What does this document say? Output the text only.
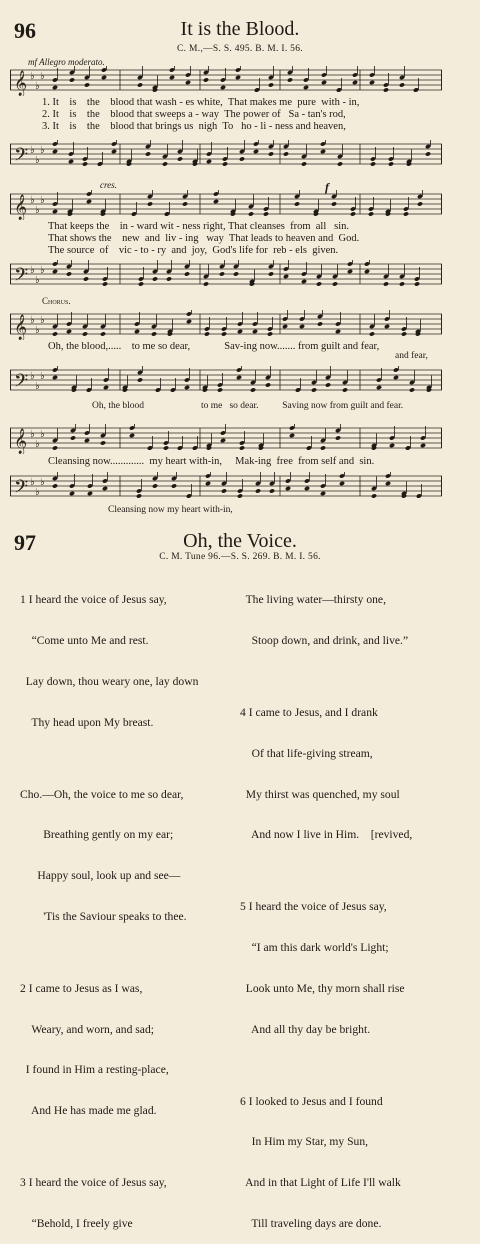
96	It is the Blood.
C. M.,—S. S. 495. B. M. I. 56.
mf Allegro moderato.
𝄞 ♭
♭
♭
1. It    is    the    blood that wash - es white,  That makes me  pure  with - in,
2. It    is    the    blood that sweeps a - way  The power of   Sa - tan's rod,
3. It    is    the    blood that brings us  nigh  To   ho - li - ness and heaven,
𝄢 ♭
♭
♭
cres.	f
𝄞 ♭
♭
♭
That keeps the    in - ward wit - ness right, That cleanses  from  all   sin.
That shows the    new  and  liv - ing   way  That leads to heaven and  God.
The source  of    vic - to - ry  and  joy,  God's life for  reb - els  given.
𝄢 ♭
♭
♭
Chorus.
𝄞 ♭
♭
♭
Oh, the blood,.....    to me so dear,             Sav-ing now....... from guilt and fear,
and fear,
𝄢 ♭
♭
♭
Oh, the blood                        to me   so dear.          Saving now from guilt and fear.
𝄞 ♭
♭
♭
Cleansing now.............  my heart with-in,     Mak-ing  free  from self and  sin.
𝄢 ♭
♭
♭
Cleansing now my heart with-in,
97	Oh, the Voice.
C. M. Tune 96.—S. S. 269. B. M. I. 56.

1 I heard the voice of Jesus say,

“Come unto Me and rest.

Lay down, thou weary one, lay down

Thy head upon My breast.

Cho.—Oh, the voice to me so dear,

Breathing gently on my ear;

Happy soul, look up and see—

'Tis the Saviour speaks to thee.

2 I came to Jesus as I was,

Weary, and worn, and sad;

I found in Him a resting-place,

And He has made me glad.

3 I heard the voice of Jesus say,

“Behold, I freely give

The living water—thirsty one,

Stoop down, and drink, and live.”

4 I came to Jesus, and I drank

Of that life-giving stream,

My thirst was quenched, my soul

And now I live in Him.    [revived,

5 I heard the voice of Jesus say,

“I am this dark world's Light;

Look unto Me, thy morn shall rise

And all thy day be bright.

6 I looked to Jesus and I found

In Him my Star, my Sun,

And in that Light of Life I'll walk

Till traveling days are done.
